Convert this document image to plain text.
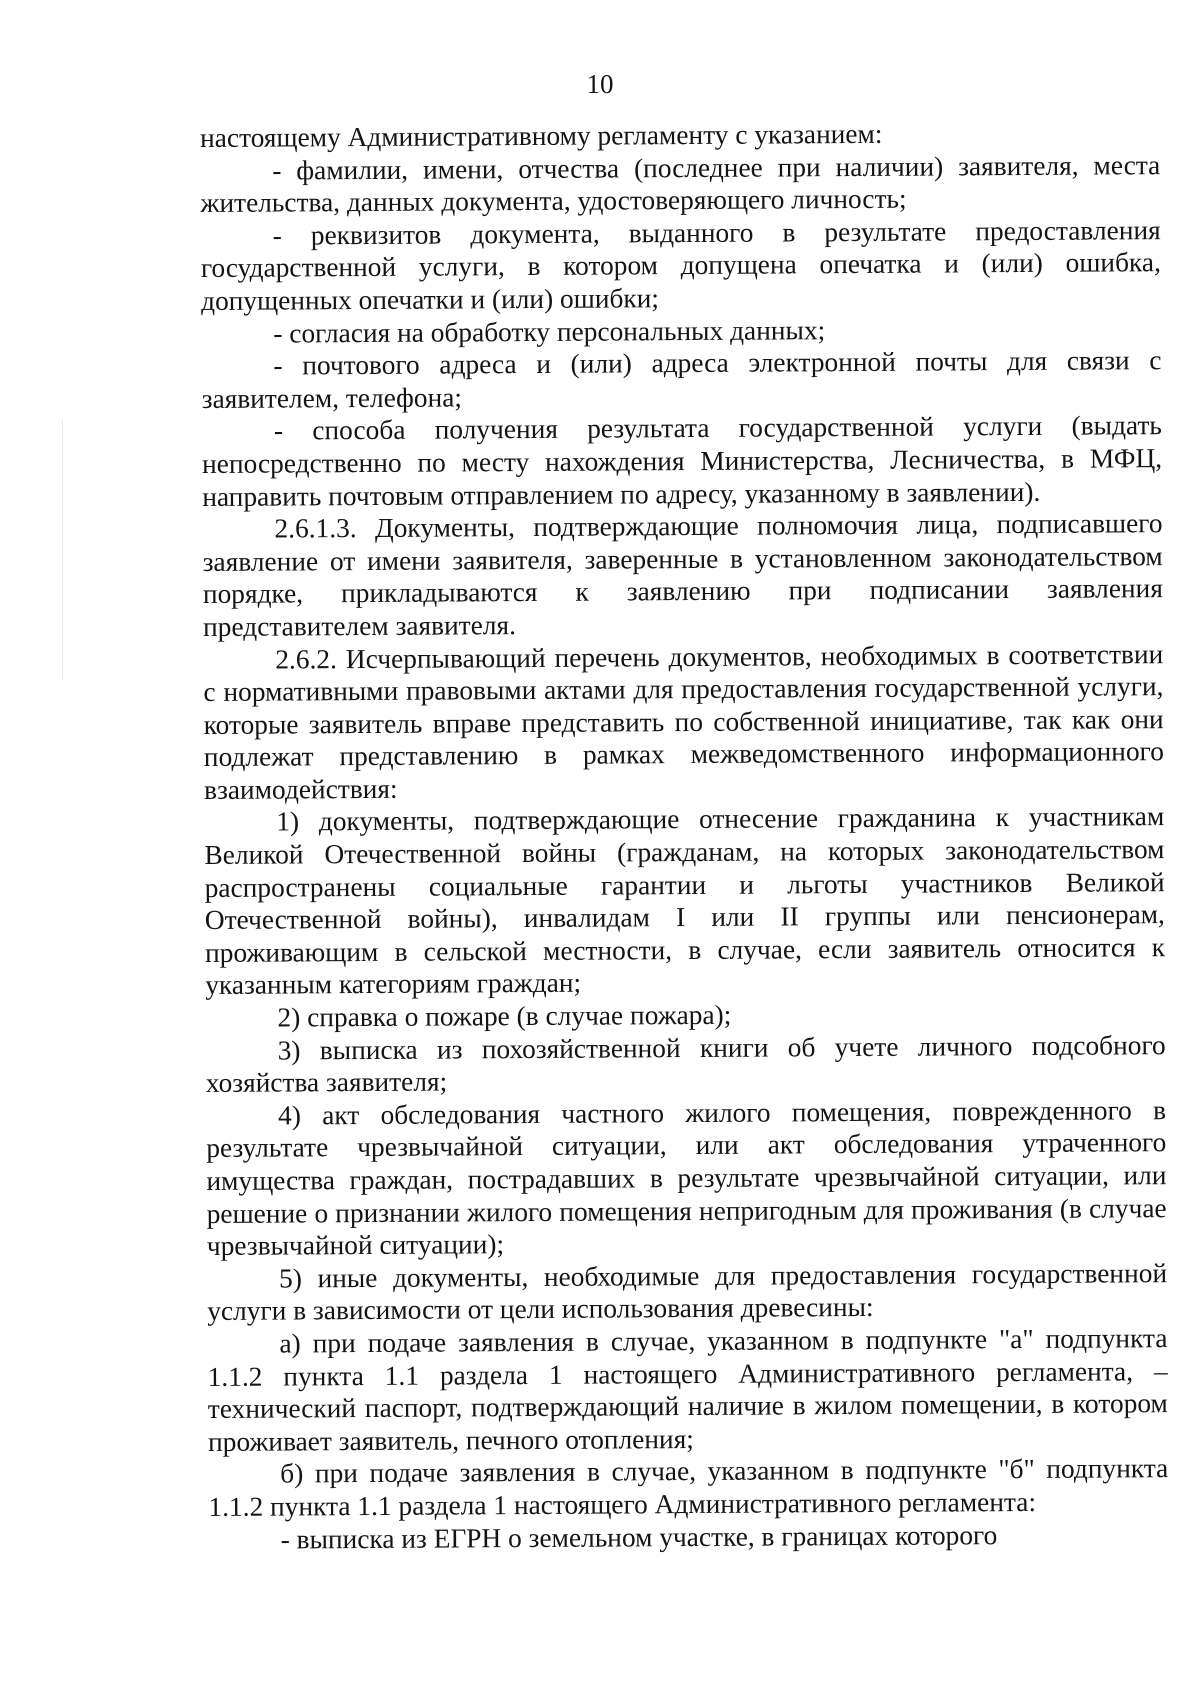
10

настоящему Административному регламенту с указанием:

- фамилии, имени, отчества (последнее при наличии) заявителя, места жительства, данных документа, удостоверяющего личность;

- реквизитов документа, выданного в результате предоставления государственной услуги, в котором допущена опечатка и (или) ошибка, допущенных опечатки и (или) ошибки;

- согласия на обработку персональных данных;

- почтового адреса и (или) адреса электронной почты для связи с заявителем, телефона;

- способа получения результата государственной услуги (выдать непосредственно по месту нахождения Министерства, Лесничества, в МФЦ, направить почтовым отправлением по адресу, указанному в заявлении).

2.6.1.3. Документы, подтверждающие полномочия лица, подписавшего заявление от имени заявителя, заверенные в установленном законодательством порядке, прикладываются к заявлению при подписании заявления представителем заявителя.

2.6.2. Исчерпывающий перечень документов, необходимых в соответствии с нормативными правовыми актами для предоставления государственной услуги, которые заявитель вправе представить по собственной инициативе, так как они подлежат представлению в рамках межведомственного информационного взаимодействия:

1) документы, подтверждающие отнесение гражданина к участникам Великой Отечественной войны (гражданам, на которых законодательством распространены социальные гарантии и льготы участников Великой Отечественной войны), инвалидам I или II группы или пенсионерам, проживающим в сельской местности, в случае, если заявитель относится к указанным категориям граждан;

2) справка о пожаре (в случае пожара);

3) выписка из похозяйственной книги об учете личного подсобного хозяйства заявителя;

4) акт обследования частного жилого помещения, поврежденного в результате чрезвычайной ситуации, или акт обследования утраченного имущества граждан, пострадавших в результате чрезвычайной ситуации, или решение о признании жилого помещения непригодным для проживания (в случае чрезвычайной ситуации);

5) иные документы, необходимые для предоставления государственной услуги в зависимости от цели использования древесины:

а) при подаче заявления в случае, указанном в подпункте "а" подпункта 1.1.2 пункта 1.1 раздела 1 настоящего Административного регламента, – технический паспорт, подтверждающий наличие в жилом помещении, в котором проживает заявитель, печного отопления;

б) при подаче заявления в случае, указанном в подпункте "б" подпункта 1.1.2 пункта 1.1 раздела 1 настоящего Административного регламента:

- выписка из ЕГРН о земельном участке, в границах которого
